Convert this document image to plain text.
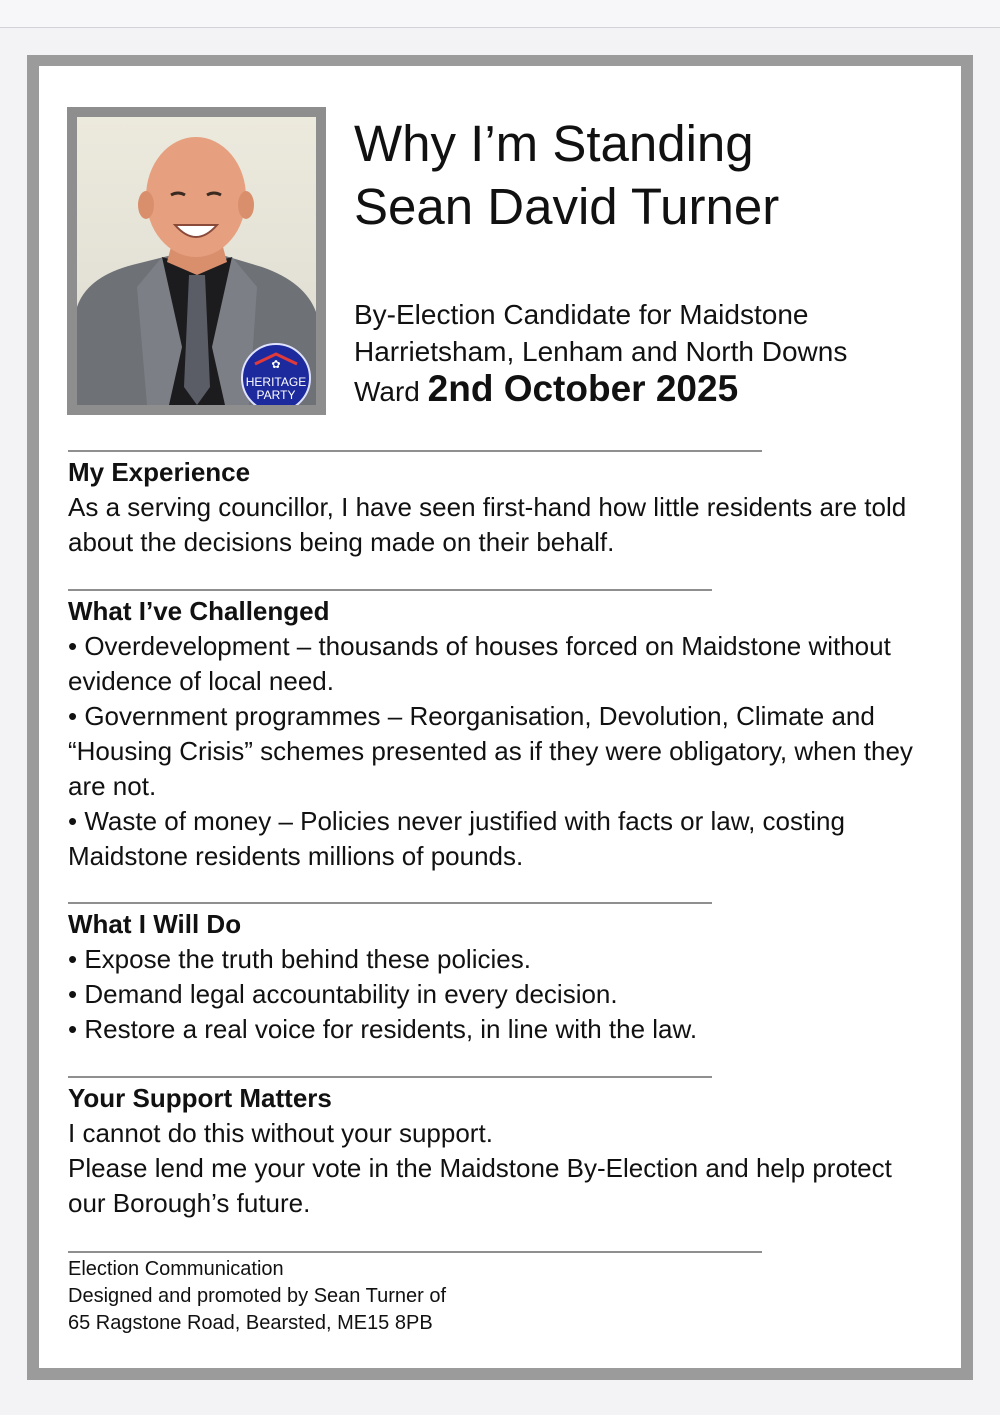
✿
HERITAGE
PARTY
Why I’m Standing
Sean David Turner
By-Election Candidate for Maidstone
Harrietsham, Lenham and North Downs
Ward 2nd October 2025
My Experience

As a serving councillor, I have seen first-hand how little residents are told about the decisions being made on their behalf.

What I’ve Challenged

• Overdevelopment – thousands of houses forced on Maidstone without evidence of local need.

• Government programmes – Reorganisation, Devolution, Climate and “Housing Crisis” schemes presented as if they were obligatory, when they are not.

• Waste of money – Policies never justified with facts or law, costing Maidstone residents millions of pounds.

What I Will Do

• Expose the truth behind these policies.

• Demand legal accountability in every decision.

• Restore a real voice for residents, in line with the law.

Your Support Matters

I cannot do this without your support.

Please lend me your vote in the Maidstone By-Election and help protect our Borough’s future.

Election Communication
Designed and promoted by Sean Turner of
65 Ragstone Road, Bearsted, ME15 8PB
